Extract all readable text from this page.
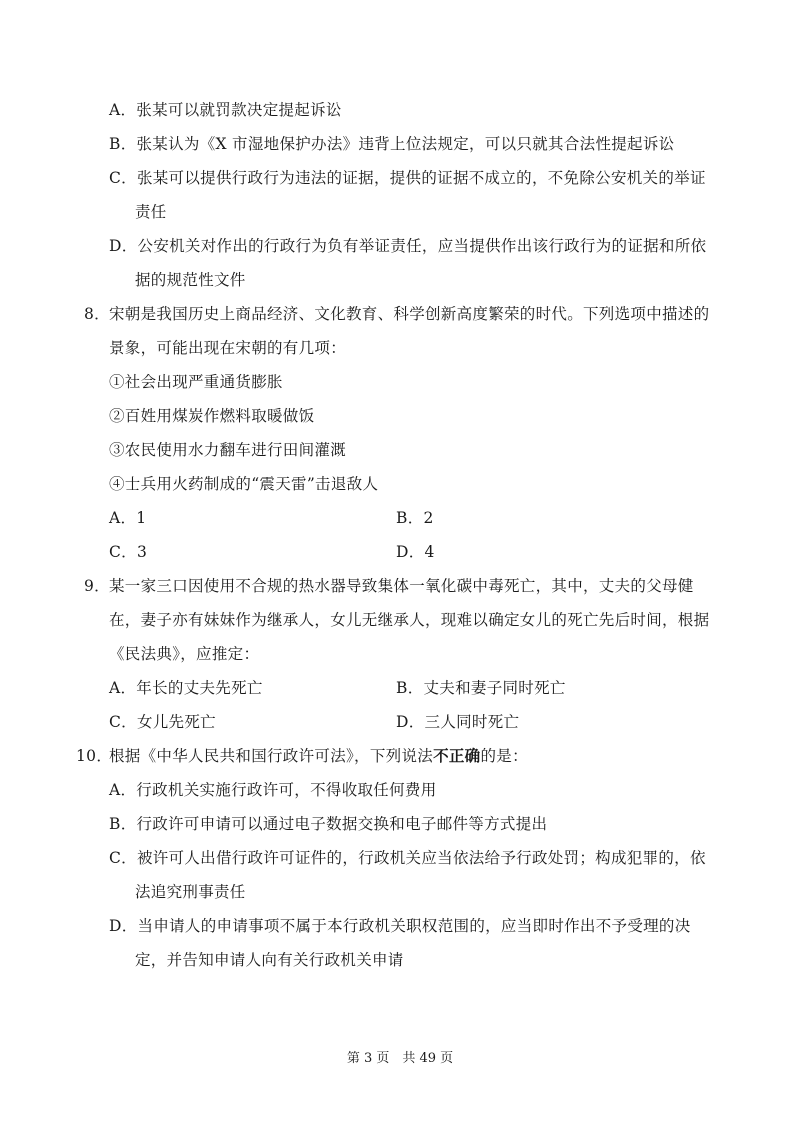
A．张某可以就罚款决定提起诉讼
B．张某认为《X 市湿地保护办法》违背上位法规定，可以只就其合法性提起诉讼
C．张某可以提供行政行为违法的证据，提供的证据不成立的，不免除公安机关的举证
责任
D．公安机关对作出的行政行为负有举证责任，应当提供作出该行政行为的证据和所依
据的规范性文件
8． 宋朝是我国历史上商品经济、文化教育、科学创新高度繁荣的时代。下列选项中描述的
景象，可能出现在宋朝的有几项：
①社会出现严重通货膨胀
②百姓用煤炭作燃料取暖做饭
③农民使用水力翻车进行田间灌溉
④士兵用火药制成的“震天雷”击退敌人
A．1	B．2
C．3	D．4
9． 某一家三口因使用不合规的热水器导致集体一氧化碳中毒死亡，其中，丈夫的父母健
在，妻子亦有妹妹作为继承人，女儿无继承人，现难以确定女儿的死亡先后时间，根据
《民法典》，应推定：
A．年长的丈夫先死亡	B．丈夫和妻子同时死亡
C．女儿先死亡	D．三人同时死亡
10．
根据《中华人民共和国行政许可法》，下列说法不正确的是：
A．行政机关实施行政许可，不得收取任何费用
B．行政许可申请可以通过电子数据交换和电子邮件等方式提出
C．被许可人出借行政许可证件的，行政机关应当依法给予行政处罚；构成犯罪的，依
法追究刑事责任
D．当申请人的申请事项不属于本行政机关职权范围的，应当即时作出不予受理的决
定，并告知申请人向有关行政机关申请
第 3 页　共 49 页
